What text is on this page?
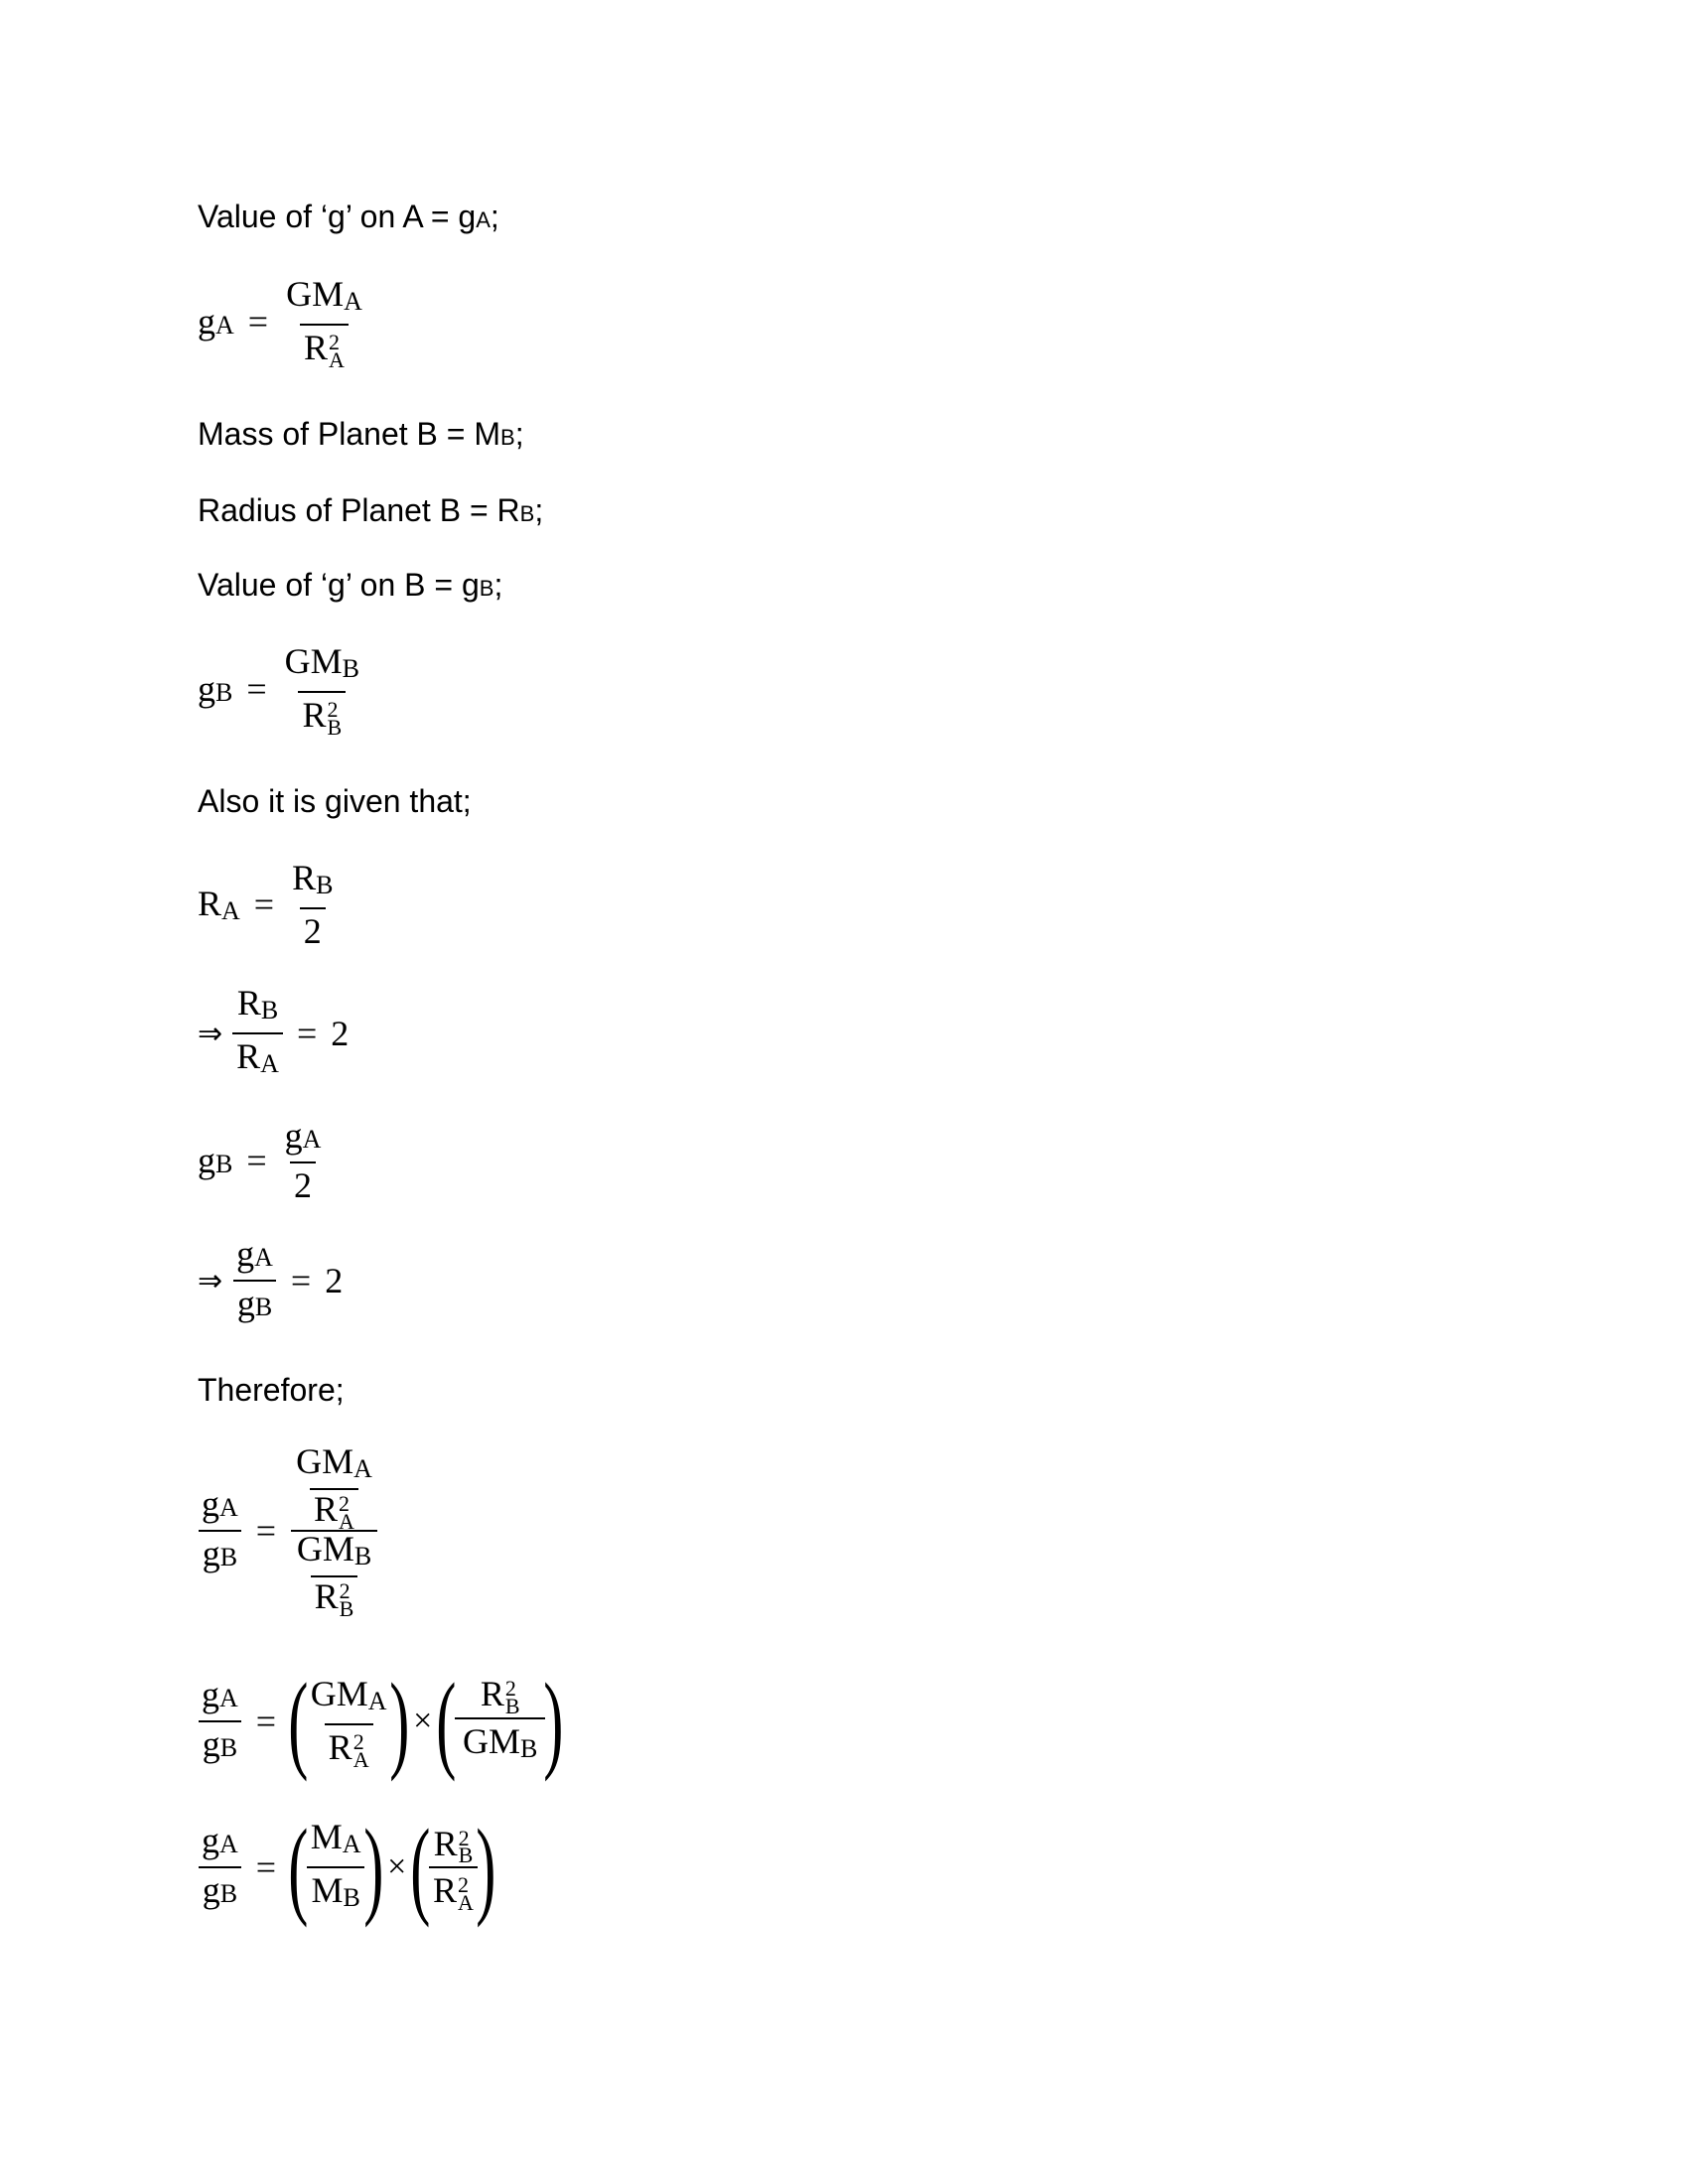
Value of ‘g’ on A = gA;
gA = GMA
R 2
A
Mass of Planet B = MB;
Radius of Planet B = RB;
Value of ‘g’ on B = gB;
gB = GMB
R 2
B
Also it is given that;
RA = $\frac{RB}{2}$
⇒ $\frac{RB}{RA} = 2$
gB = $\frac{gA}{2}$
⇒ $\frac{gA}{gB} = 2$
Therefore;
$\frac{gA}{gB}$ = GMA
R 2
A
GMB
R 2
B
$\frac{gA}{gB}$ = (
GMA
R 2
A
) × (
R 2
B
GMB
)
$\frac{gA}{gB}$ = (
$\frac{MA}{MB}$
) × (
R 2
B
R 2
A
)
